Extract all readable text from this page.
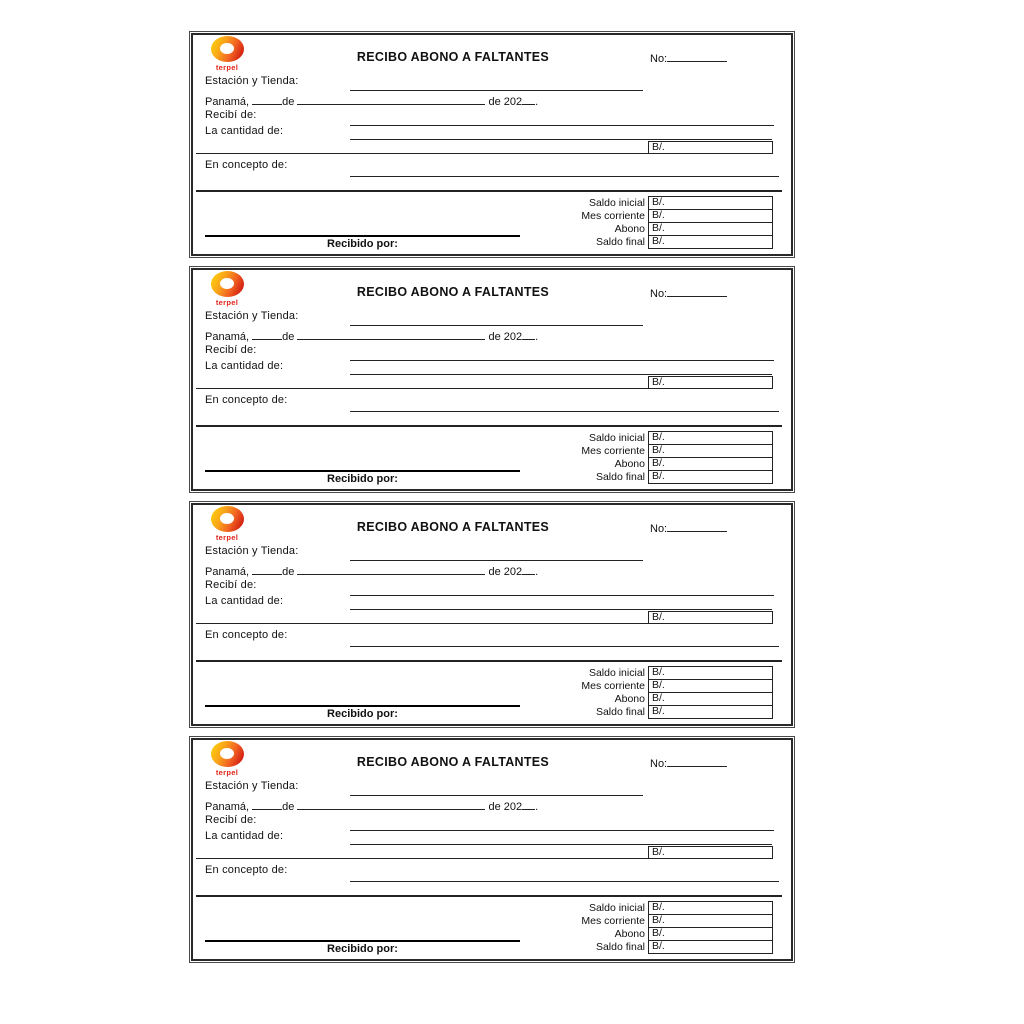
terpel
RECIBO ABONO A FALTANTES	No:
Estación y Tienda:
Panamá,	de	de 202 .
Recibí de:
La cantidad de:
B/.
En concepto de:
Saldo inicial B/.
Mes corriente B/.
Abono B/.
Saldo final B/.
Recibido por:
terpel
RECIBO ABONO A FALTANTES	No:
Estación y Tienda:
Panamá,	de	de 202 .
Recibí de:
La cantidad de:
B/.
En concepto de:
Saldo inicial B/.
Mes corriente B/.
Abono B/.
Saldo final B/.
Recibido por:
terpel
RECIBO ABONO A FALTANTES	No:
Estación y Tienda:
Panamá,	de	de 202 .
Recibí de:
La cantidad de:
B/.
En concepto de:
Saldo inicial B/.
Mes corriente B/.
Abono B/.
Saldo final B/.
Recibido por:
terpel
RECIBO ABONO A FALTANTES	No:
Estación y Tienda:
Panamá,	de	de 202 .
Recibí de:
La cantidad de:
B/.
En concepto de:
Saldo inicial B/.
Mes corriente B/.
Abono B/.
Saldo final B/.
Recibido por:
